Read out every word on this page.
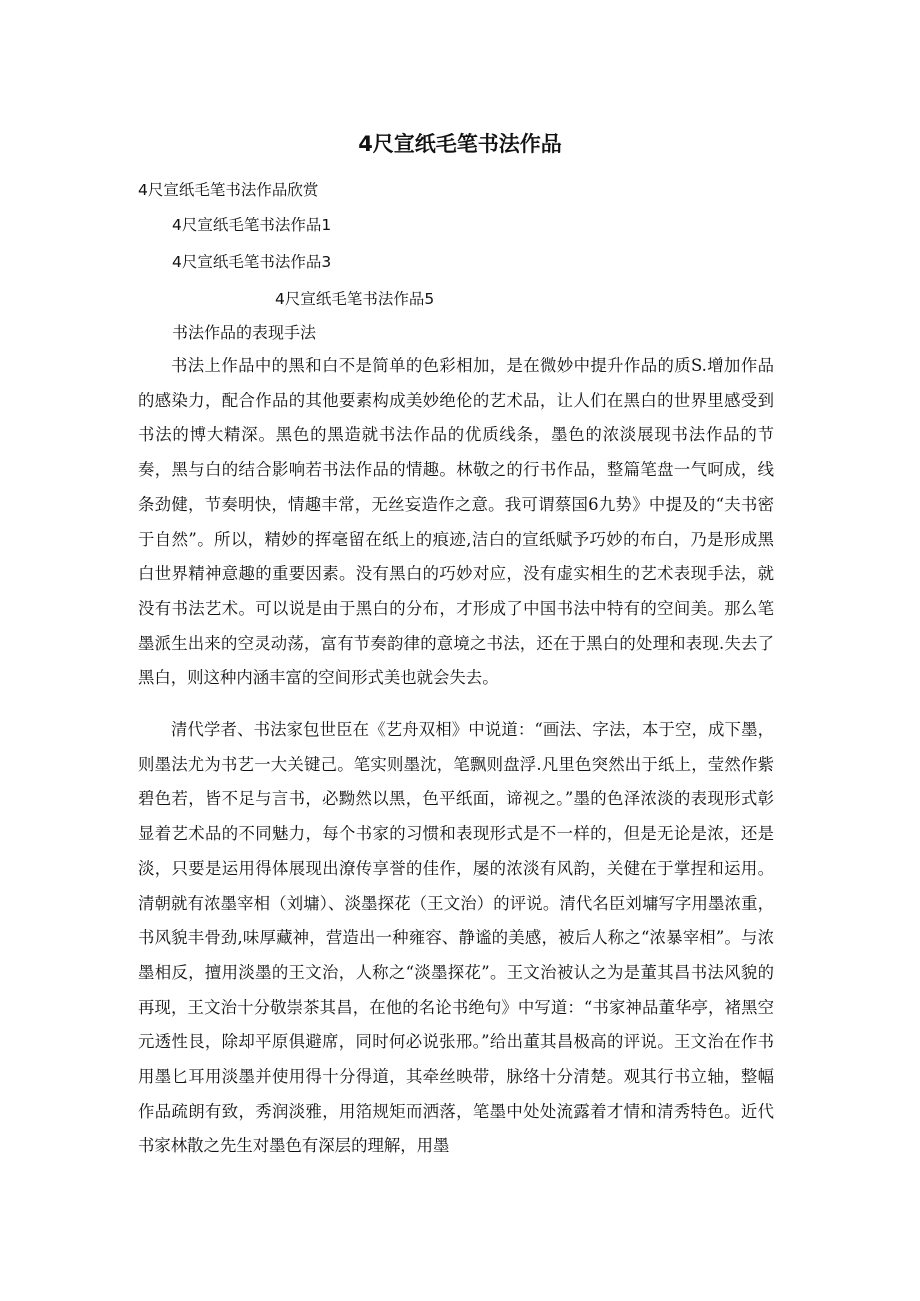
4尺宣纸毛笔书法作品

4尺宣纸毛笔书法作品欣赏

4尺宣纸毛笔书法作品1

4尺宣纸毛笔书法作品3

4尺宣纸毛笔书法作品5

书法作品的表现手法

书法上作品中的黑和白不是简单的色彩相加，是在微妙中提升作品的质S.增加作品的感染力，配合作品的其他要素构成美妙绝伦的艺术品，让人们在黑白的世界里感受到书法的博大精深。黑色的黑造就书法作品的优质线条，墨色的浓淡展现书法作品的节奏，黑与白的结合影响若书法作品的情趣。林敬之的行书作品，整篇笔盘一气呵成，线条劲健，节奏明快，情趣丰常，无丝妄造作之意。我可谓蔡国6九势》中提及的“夫书密于自然”。所以，精妙的挥毫留在纸上的痕迹,洁白的宣纸赋予巧妙的布白，乃是形成黑白世界精神意趣的重要因素。没有黑白的巧妙对应，没有虚实相生的艺术表现手法，就没有书法艺术。可以说是由于黑白的分布，才形成了中国书法中特有的空间美。那么笔墨派生出来的空灵动荡，富有节奏韵律的意境之书法，还在于黑白的处理和表现.失去了黑白，则这种内涵丰富的空间形式美也就会失去。

清代学者、书法家包世臣在《艺舟双相》中说道：“画法、字法，本于空，成下墨，则墨法尤为书艺一大关键己。笔实则墨沈，笔飘则盘浮.凡里色突然出于纸上，莹然作紫碧色若，皆不足与言书，必黝然以黑，色平纸面，谛视之。”墨的色泽浓淡的表现形式彰显着艺术品的不同魅力，每个书家的习惯和表现形式是不一样的，但是无论是浓，还是淡，只要是运用得体展现出潦传享誉的佳作，屡的浓淡有风韵，关健在于掌捏和运用。清朝就有浓墨宰相（刘墉）、淡墨探花（王文治）的评说。清代名臣刘墉写字用墨浓重，书风貌丰骨劲,味厚藏神，营造出一种雍容、静谧的美感，被后人称之“浓暴宰相”。与浓墨相反，擅用淡墨的王文治，人称之“淡墨探花”。王文治被认之为是董其昌书法风貌的再现，王文治十分敬崇茶其昌，在他的名论书绝句》中写道：“书家神品董华亭，褚黑空元透性艮，除却平原俱避席，同时何必说张邢。”给出董其昌极高的评说。王文治在作书用墨匕耳用淡墨并使用得十分得道，其牵丝映带，脉络十分清楚。观其行书立轴，整幅作品疏朗有致，秀润淡雅，用箔规矩而洒落，笔墨中处处流露着才情和清秀特色。近代书家林散之先生对墨色有深层的理解，用墨
